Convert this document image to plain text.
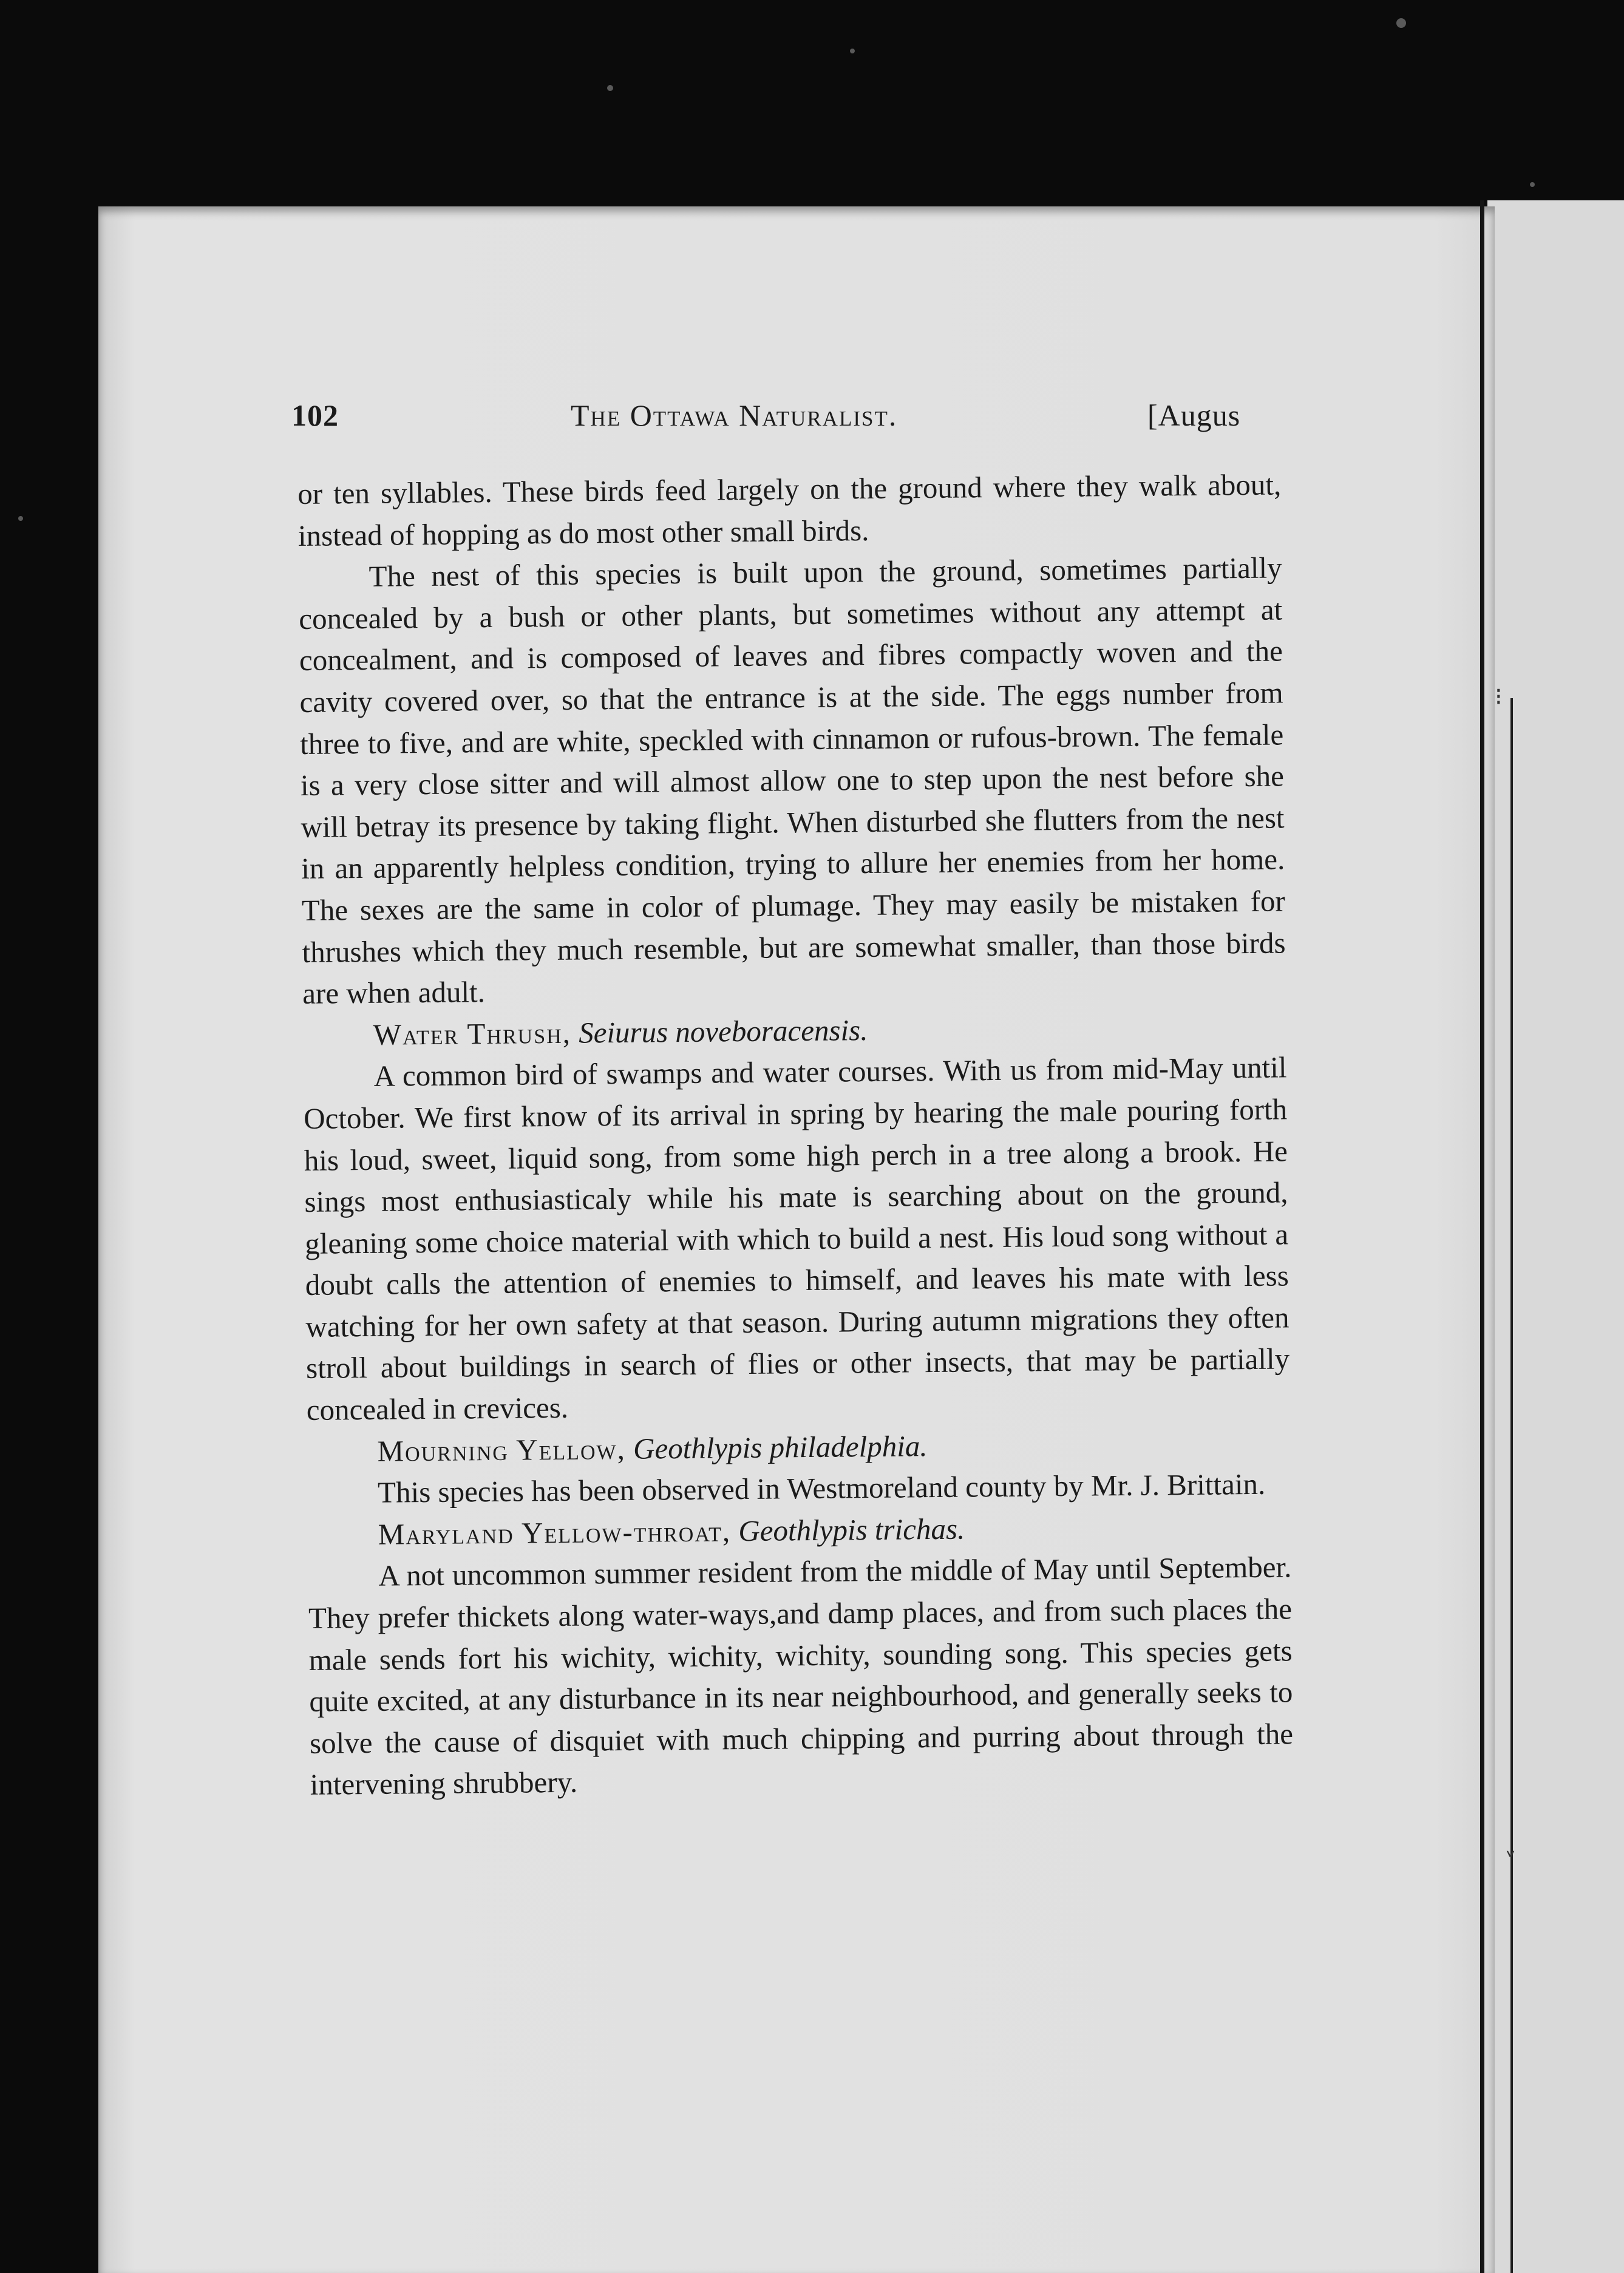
⁝
˅
102	The Ottawa Naturalist.	[Augus

or ten syllables. These birds feed largely on the ground where they walk about, instead of hopping as do most other small birds.

The nest of this species is built upon the ground, sometimes partially concealed by a bush or other plants, but sometimes without any attempt at concealment, and is composed of leaves and fibres compactly woven and the cavity covered over, so that the entrance is at the side. The eggs number from three to five, and are white, speckled with cinnamon or rufous-brown. The female is a very close sitter and will almost allow one to step upon the nest before she will betray its presence by taking flight. When disturbed she flutters from the nest in an apparently helpless condition, trying to allure her enemies from her home. The sexes are the same in color of plumage. They may easily be mistaken for thrushes which they much resemble, but are somewhat smaller, than those birds are when adult.

Water Thrush, Seiurus noveboracensis.

A common bird of swamps and water courses. With us from mid-May until October. We first know of its arrival in spring by hearing the male pouring forth his loud, sweet, liquid song, from some high perch in a tree along a brook. He sings most enthusiasticaly while his mate is searching about on the ground, gleaning some choice material with which to build a nest. His loud song without a doubt calls the attention of enemies to himself, and leaves his mate with less watching for her own safety at that season. During autumn migrations they often stroll about buildings in search of flies or other insects, that may be partially concealed in crevices.

Mourning Yellow, Geothlypis philadelphia.

This species has been observed in Westmoreland county by Mr. J. Brittain.

Maryland Yellow-throat, Geothlypis trichas.

A not uncommon summer resident from the middle of May until September. They prefer thickets along water-ways,and damp places, and from such places the male sends fort his wichity, wichity, wichity, sounding song. This species gets quite excited, at any disturbance in its near neighbourhood, and generally seeks to solve the cause of disquiet with much chipping and purring about through the intervening shrubbery.
